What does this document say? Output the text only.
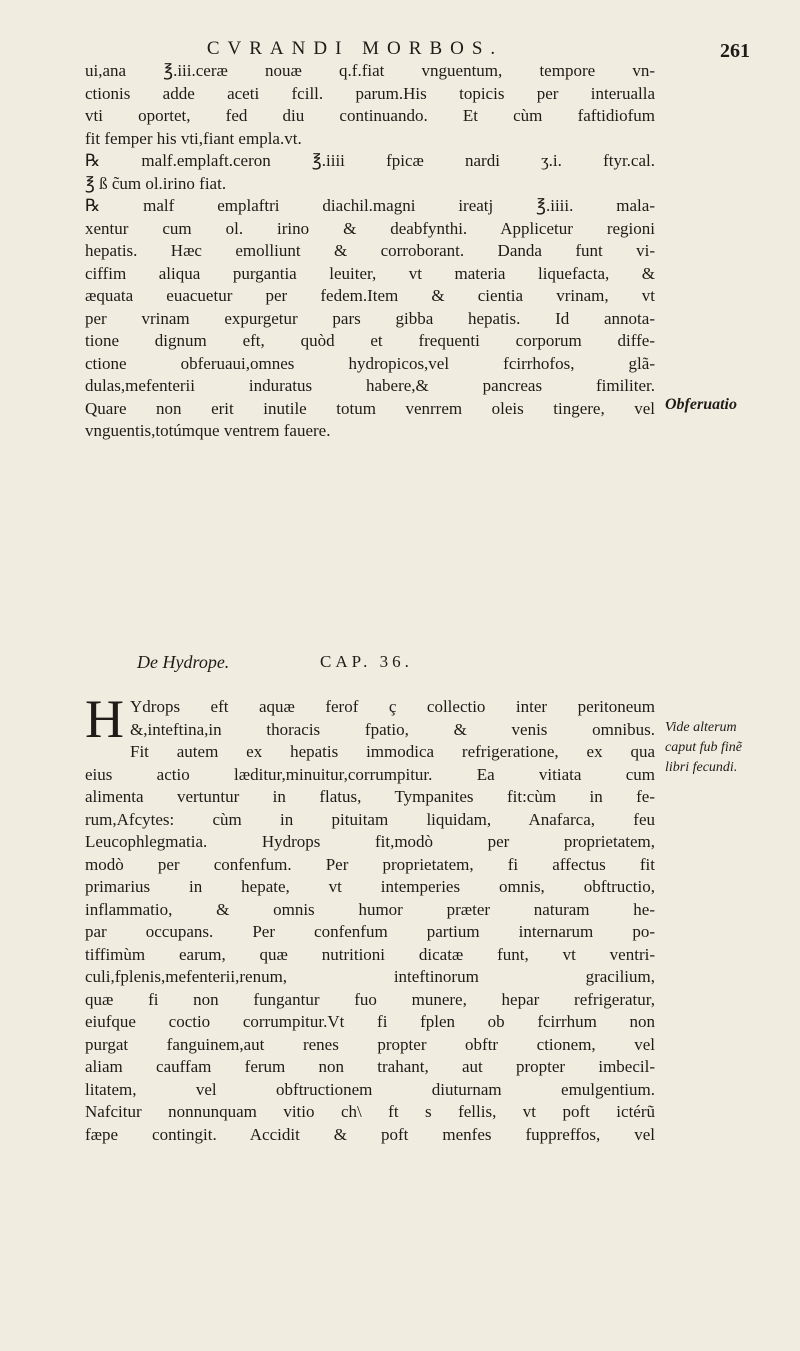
CVRANDI MORBOS.	261
ui,ana ℥.iii.ceræ nouæ q.f.fiat vnguentum, tempore vn-
ctionis adde aceti fcill. parum.His topicis per interualla
vti oportet, fed diu continuando. Et cùm faftidiofum
fit femper his vti,fiant empla.vt.
℞ malf.emplaft.ceron ℥.iiii fpicæ nardi ʒ.i. ftyr.cal.
℥ ß c̃um ol.irino fiat.
℞ malf emplaftri diachil.magni ireatj ℥.iiii. mala-
xentur cum ol. irino & deabfynthi. Applicetur regioni
hepatis. Hæc emolliunt & corroborant. Danda funt vi-
ciffim aliqua purgantia leuiter, vt materia liquefacta, &
æquata euacuetur per fedem.Item & cientia vrinam, vt
per vrinam expurgetur pars gibba hepatis. Id annota-
tione dignum eft, quòd et frequenti corporum diffe-
ctione obferuaui,omnes hydropicos,vel fcirrhofos, glã-
dulas,mefenterii induratus habere,& pancreas fimiliter.
Quare non erit inutile totum venrrem oleis tingere, vel
vnguentis,totúmque ventrem fauere.
Obferuatio
De Hydrope.	CAP. 36.
H Ydrops eft aquæ ferof ç collectio inter peritoneum
&,inteftina,in thoracis fpatio, & venis omnibus.
Fit autem ex hepatis immodica refrigeratione, ex qua
eius actio læditur,minuitur,corrumpitur. Ea vitiata cum
alimenta vertuntur in flatus, Tympanites fit:cùm in fe-
rum,Afcytes: cùm in pituitam liquidam, Anafarca, feu
Leucophlegmatia. Hydrops fit,modò per proprietatem,
modò per confenfum. Per proprietatem, fi affectus fit
primarius in hepate, vt intemperies omnis, obftructio,
inflammatio, & omnis humor præter naturam he-
par occupans. Per confenfum partium internarum po-
tiffimùm earum, quæ nutritioni dicatæ funt, vt ventri-
culi,fplenis,mefenterii,renum, inteftinorum gracilium,
quæ fi non fungantur fuo munere, hepar refrigeratur,
eiufque coctio corrumpitur.Vt fi fplen ob fcirrhum non
purgat fanguinem,aut renes propter obftr ctionem, vel
aliam cauffam ferum non trahant, aut propter imbecil-
litatem, vel obftructionem diuturnam emulgentium.
Nafcitur nonnunquam vitio ch\ ft s fellis, vt poft ictérũ
fæpe contingit. Accidit & poft menfes fuppreffos, vel
Vide alterum
caput fub finẽ
libri fecundi.
